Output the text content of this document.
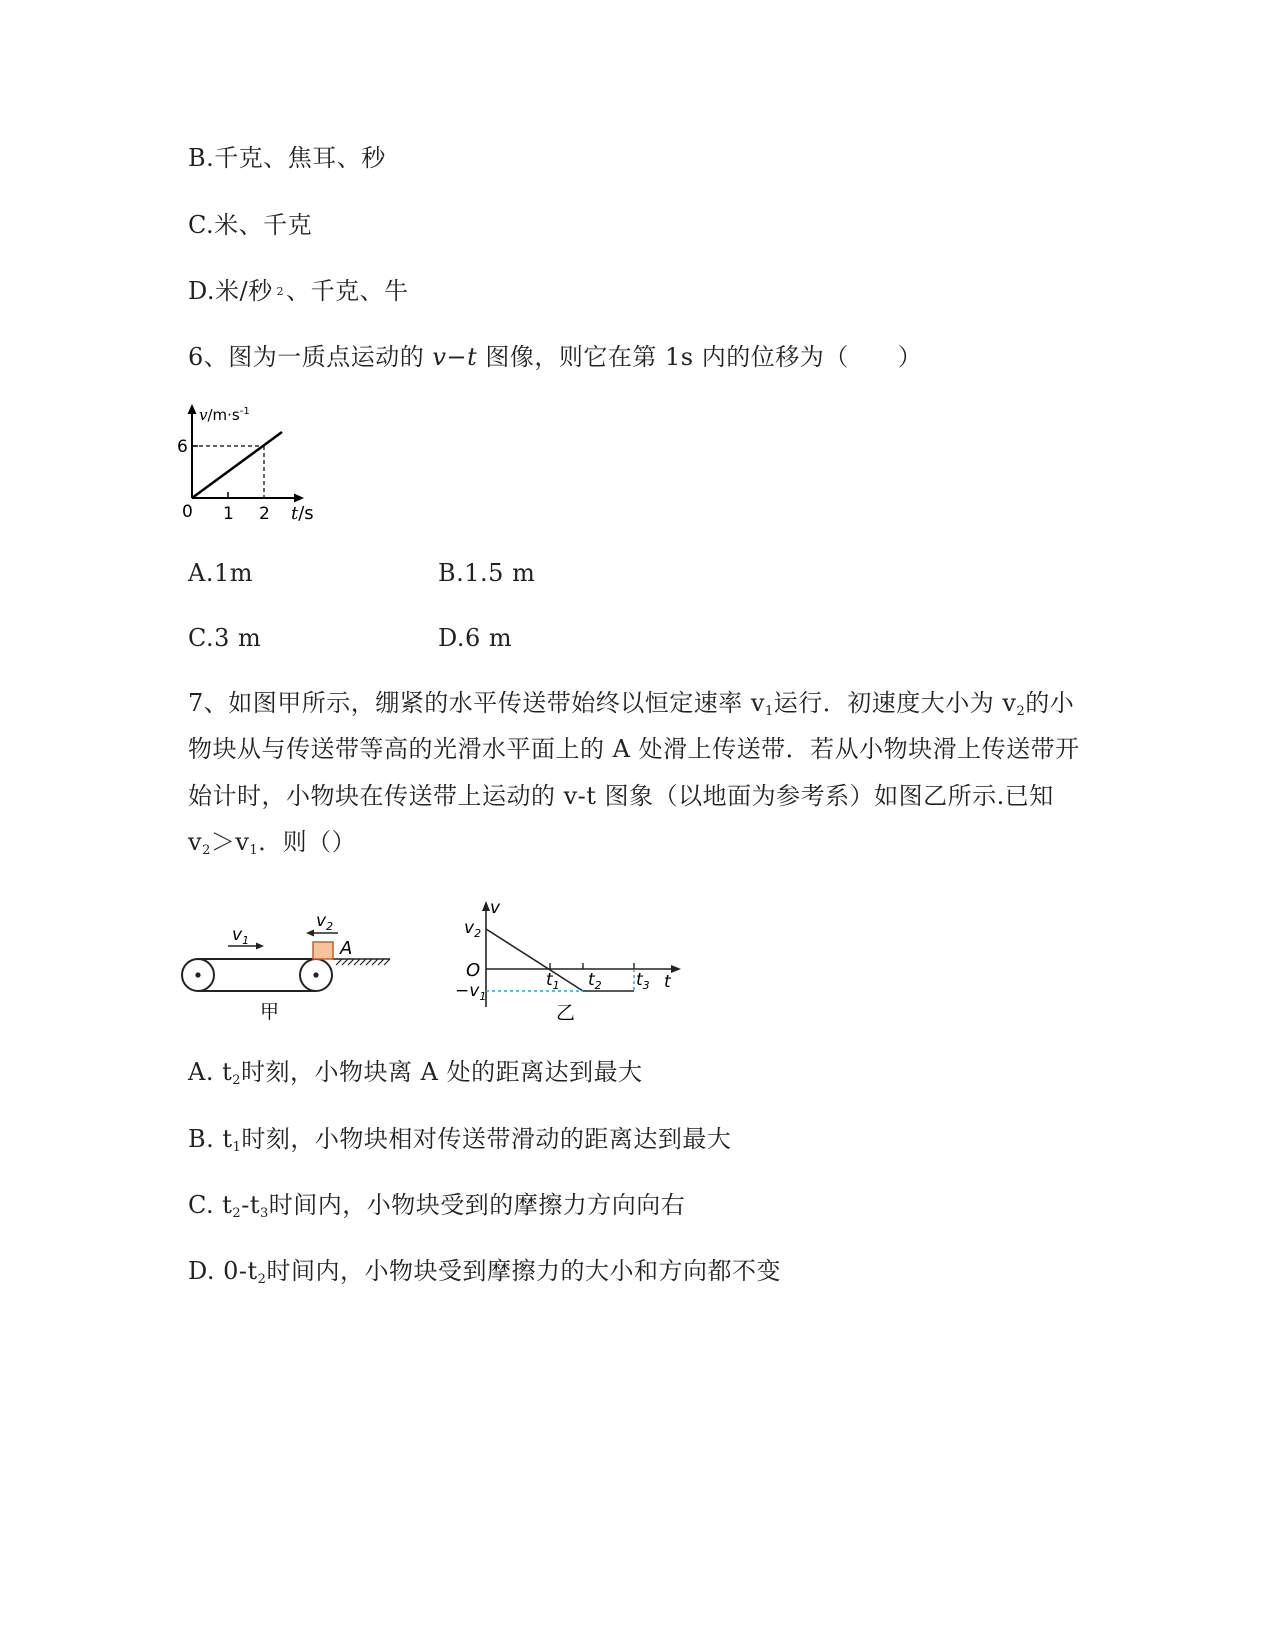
B.千克、焦耳、秒
C.米、千克
D.米/秒 2、千克、牛
6、图为一质点运动的 v−t 图像，则它在第 1s 内的位移为（　　）
$v/m\cdot s^{-1}$
6
0 1 2 t/s
A.1m	B.1.5 m
C.3 m	D.6 m
7、如图甲所示，绷紧的水平传送带始终以恒定速率 $v_1$运行．初速度大小为 $v_2$的小
物块从与传送带等高的光滑水平面上的 A 处滑上传送带．若从小物块滑上传送带开
始计时，小物块在传送带上运动的 v-t 图象（以地面为参考系）如图乙所示.已知
$v_2>v_1$．则（）
$v_1$
$v_2$
A
甲
v
$v_2$
O
$-v_1$
$t_1$ $t_2$ $t_3$ t
乙
A. $t_2$时刻，小物块离 A 处的距离达到最大
B. $t_1$时刻，小物块相对传送带滑动的距离达到最大
C. $t_2-t_3$时间内，小物块受到的摩擦力方向向右
D. $0-t_2$时间内，小物块受到摩擦力的大小和方向都不变
